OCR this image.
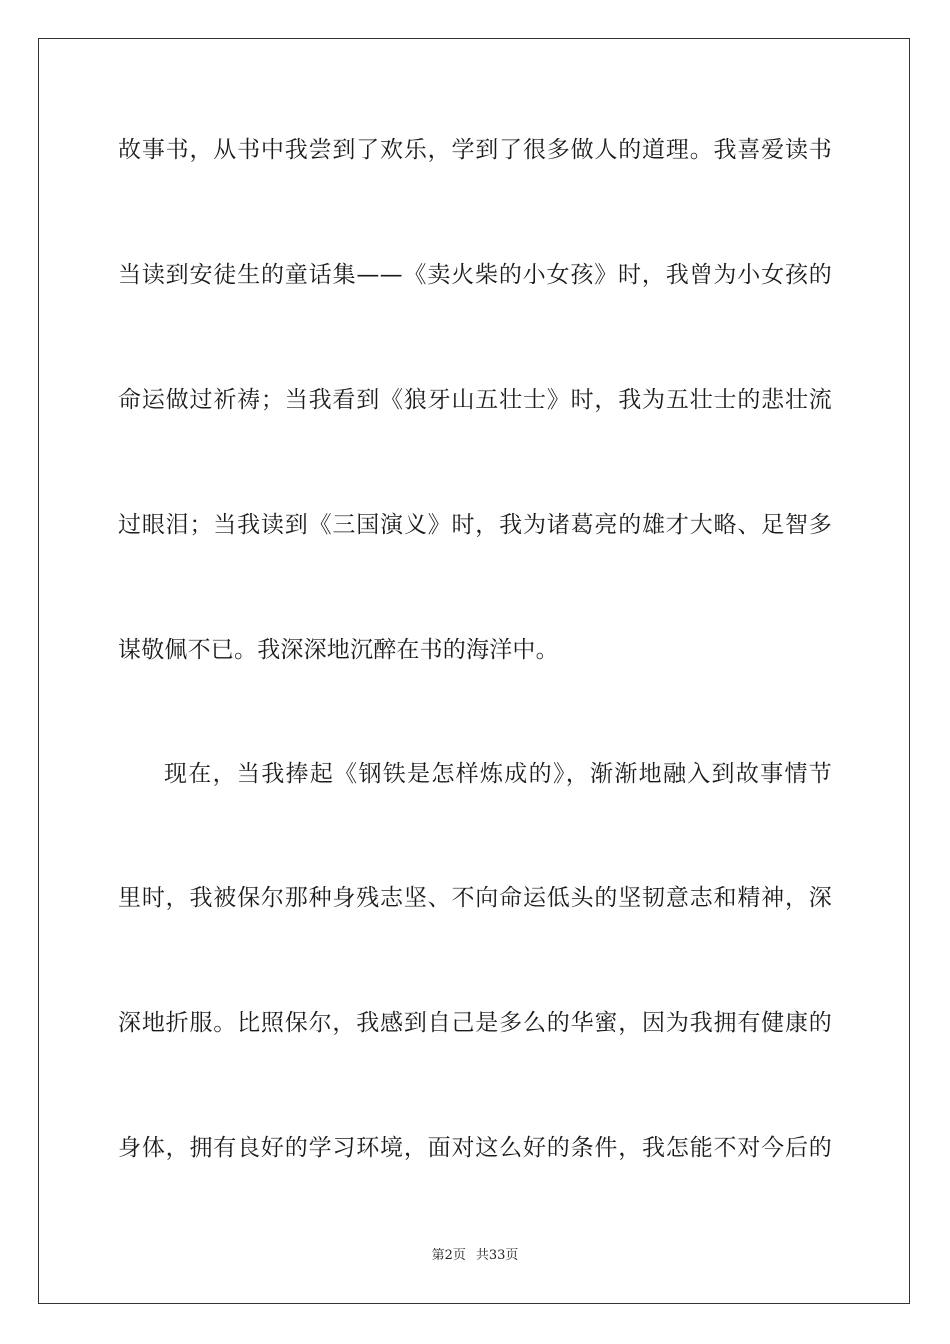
故事书，从书中我尝到了欢乐，学到了很多做人的道理。我喜爱读书
当读到安徒生的童话集——《卖火柴的小女孩》时，我曾为小女孩的
命运做过祈祷；当我看到《狼牙山五壮士》时，我为五壮士的悲壮流
过眼泪；当我读到《三国演义》时，我为诸葛亮的雄才大略、足智多
谋敬佩不已。我深深地沉醉在书的海洋中。
现在，当我捧起《钢铁是怎样炼成的》，渐渐地融入到故事情节
里时，我被保尔那种身残志坚、不向命运低头的坚韧意志和精神，深
深地折服。比照保尔，我感到自己是多么的华蜜，因为我拥有健康的
身体，拥有良好的学习环境，面对这么好的条件，我怎能不对今后的
第2页 共33页
